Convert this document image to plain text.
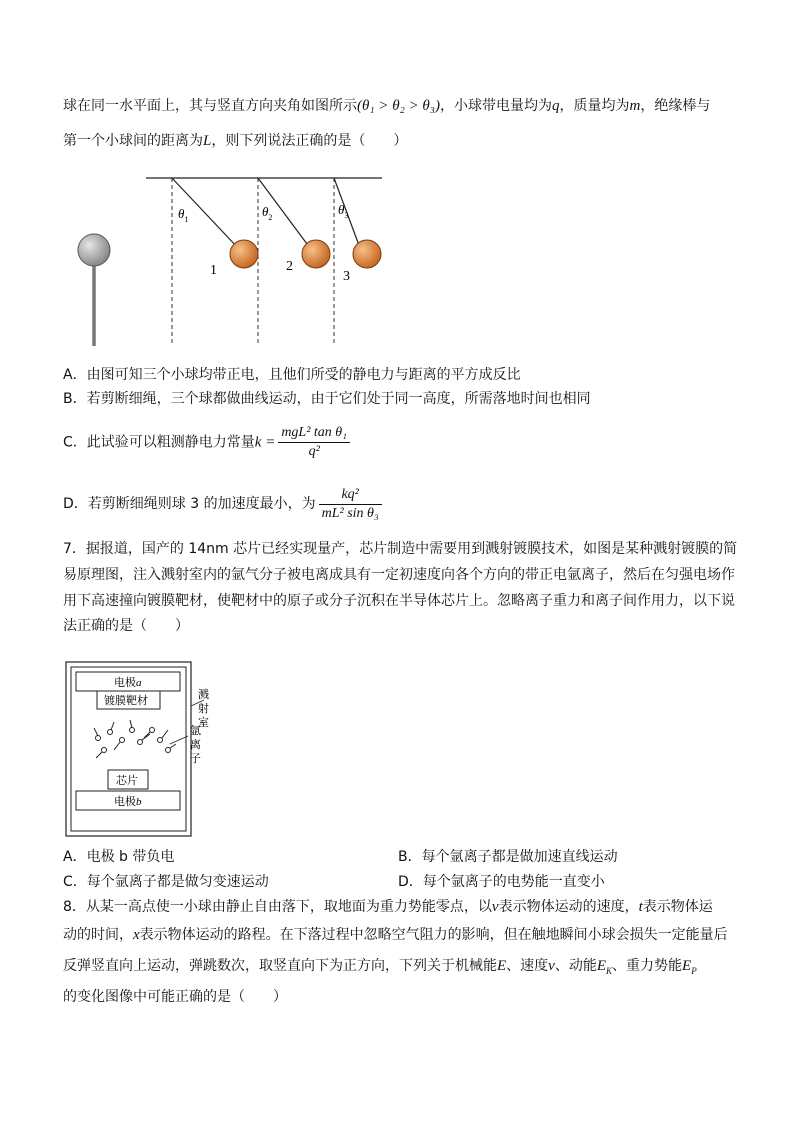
球在同一水平面上，其与竖直方向夹角如图所示(θ₁ > θ₂ > θ₃)，小球带电量均为q，质量均为m，绝缘棒与
第一个小球间的距离为L，则下列说法正确的是（　　）
$\theta_1$
$\theta_2$
$\theta_3$
1	2
3
A．由图可知三个小球均带正电，且他们所受的静电力与距离的平方成反比
B．若剪断细绳，三个球都做曲线运动，由于它们处于同一高度，所需落地时间也相同
C．此试验可以粗测静电力常量$k = \frac{\text{mgL² tan θ₁}}{\text{q²}}$
D．若剪断细绳则球 3 的加速度最小，为 $\frac{\text{kq²}}{\text{mL² sin θ₃}}$
7．据报道，国产的 14nm 芯片已经实现量产，芯片制造中需要用到溅射镀膜技术，如图是某种溅射镀膜的简
易原理图，注入溅射室内的氩气分子被电离成具有一定初速度向各个方向的带正电氩离子，然后在匀强电场作
用下高速撞向镀膜靶材，使靶材中的原子或分子沉积在半导体芯片上。忽略离子重力和离子间作用力，以下说
法正确的是（　　）
电极a
镀膜靶材
芯片
电极b
溅
射
室
氩
离
子
A．电极 b 带负电	B．每个氩离子都是做加速直线运动
C．每个氩离子都是做匀变速运动	D．每个氩离子的电势能一直变小
8．从某一高点使一小球由静止自由落下，取地面为重力势能零点，以v表示物体运动的速度，t表示物体运
动的时间，x表示物体运动的路程。在下落过程中忽略空气阻力的影响，但在触地瞬间小球会损失一定能量后
反弹竖直向上运动，弹跳数次，取竖直向下为正方向，下列关于机械能E、速度v、动能$E_K$、重力势能$E_P$
的变化图像中可能正确的是（　　）
